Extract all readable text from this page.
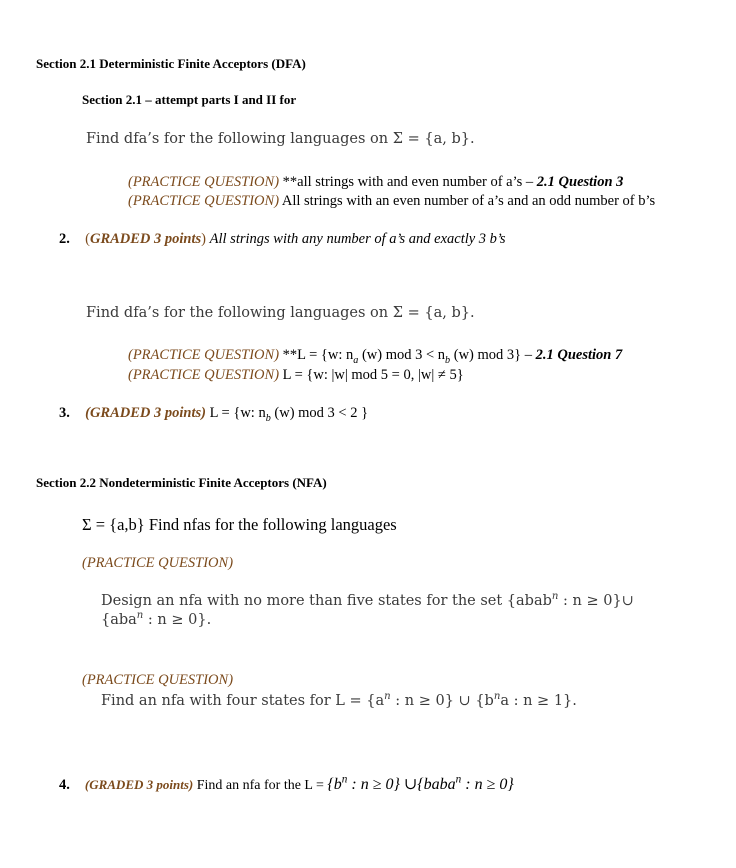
Section 2.1 Deterministic Finite Acceptors (DFA)
Section 2.1 – attempt parts I and II for
Find dfa’s for the following languages on Σ = {a, b}.
(PRACTICE QUESTION) **all strings with and even number of a’s – 2.1 Question 3
(PRACTICE QUESTION) All strings with an even number of a’s and an odd number of b’s
2. (GRADED 3 points) All strings with any number of a’s and exactly 3 b’s
Find dfa’s for the following languages on Σ = {a, b}.
(PRACTICE QUESTION) **L = {w: $n_a$ (w) mod $3 < n_b$ (w) mod 3} – 2.1 Question 7
(PRACTICE QUESTION) L = {w: |w| mod 5 = 0, |w| ≠ 5}
3. (GRADED 3 points) L = {w: $n_b$ (w) mod 3 < 2 }
Section 2.2 Nondeterministic Finite Acceptors (NFA)
Σ = {a,b} Find nfas for the following languages
(PRACTICE QUESTION)
Design an nfa with no more than five states for the set {abab$^n$ : n ≥ 0}∪
{aba$^n$ : n ≥ 0}.
(PRACTICE QUESTION)
Find an nfa with four states for $L = \{a^n$ : n ≥ 0} ∪ {$b^na$ : n ≥ 1}.
4. (GRADED 3 points) Find an nfa for the $L = \{b^n$ : n ≥ 0} ∪{baba$^n$ : n ≥ 0}
